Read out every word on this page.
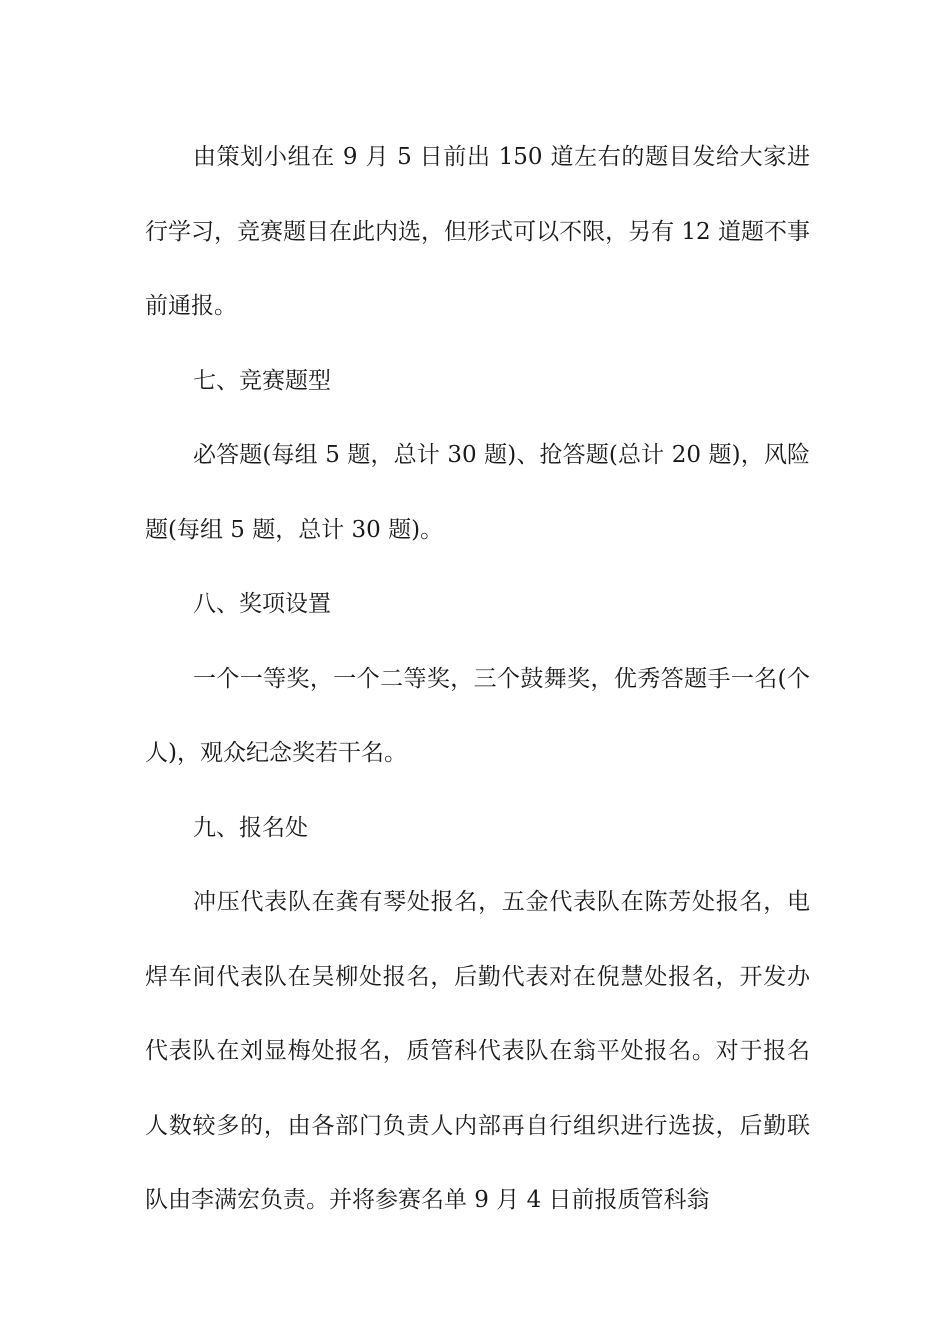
由策划小组在 9 月 5 日前出 150 道左右的题目发给大家进行学习，竞赛题目在此内选，但形式可以不限，另有 12 道题不事前通报。

七、竞赛题型

必答题(每组 5 题，总计 30 题)、抢答题(总计 20 题)，风险题(每组 5 题，总计 30 题)。

八、奖项设置

一个一等奖，一个二等奖，三个鼓舞奖，优秀答题手一名(个人)，观众纪念奖若干名。

九、报名处

冲压代表队在龚有琴处报名，五金代表队在陈芳处报名，电焊车间代表队在吴柳处报名，后勤代表对在倪慧处报名，开发办代表队在刘显梅处报名，质管科代表队在翁平处报名。对于报名人数较多的，由各部门负责人内部再自行组织进行选拔，后勤联队由李满宏负责。并将参赛名单 9 月 4 日前报质管科翁
